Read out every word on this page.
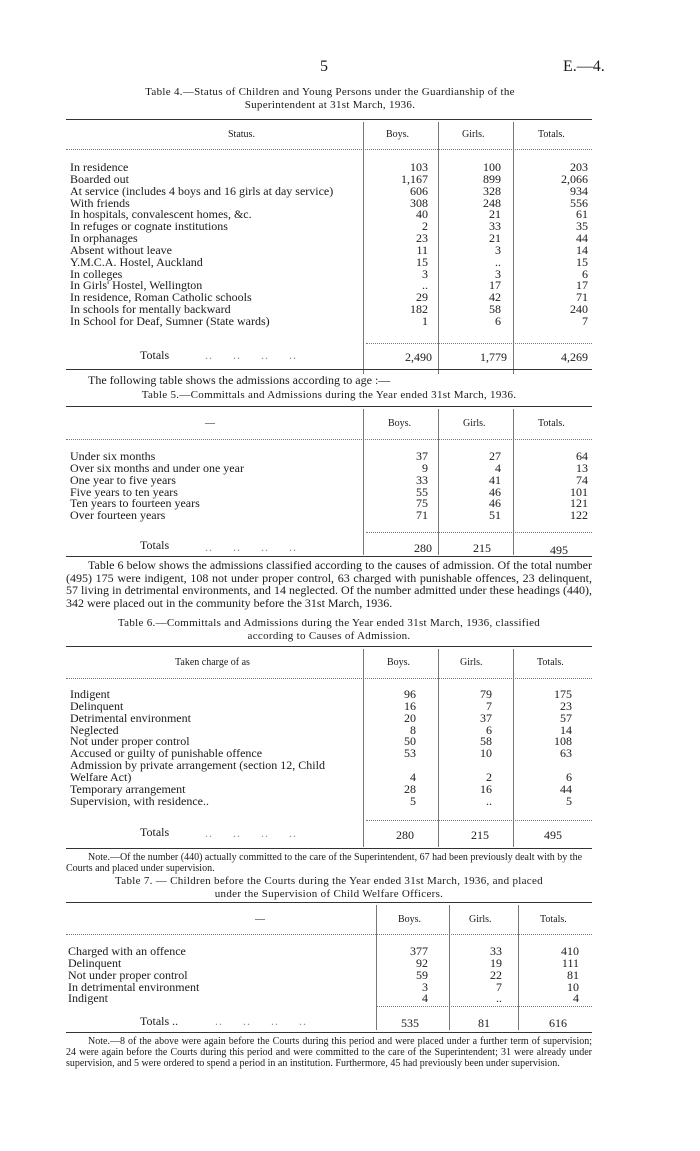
5	E.—4.
Table 4.—Status of Children and Young Persons under the Guardianship of the
Superintendent at 31st March, 1936.
Status.	Boys.	Girls.	Totals.
In residence	103	100	203
Boarded out	1,167	899	2,066
At service (includes 4 boys and 16 girls at day service)	606	328	934
With friends	308	248	556
In hospitals, convalescent homes, &c.	40	21	61
In refuges or cognate institutions	2	33	35
In orphanages	23	21	44
Absent without leave	11	3	14
Y.M.C.A. Hostel, Auckland	15	..	15
In colleges	3	3	6
In Girls' Hostel, Wellington	..	17	17
In residence, Roman Catholic schools	29	42	71
In schools for mentally backward	182	58	240
In School for Deaf, Sumner (State wards)	1	6	7
Totals	..     ..     ..     ..	2,490	1,779	4,269
The following table shows the admissions according to age :—
Table 5.—Committals and Admissions during the Year ended 31st March, 1936.
—	Boys.	Girls.	Totals.
Under six months	37	27	64
Over six months and under one year	9	4	13
One year to five years	33	41	74
Five years to ten years	55	46	101
Ten years to fourteen years	75	46	121
Over fourteen years	71	51	122
Totals	..     ..     ..     ..	280	215	495
Table 6 below shows the admissions classified according to the causes of admission. Of the total number (495) 175 were indigent, 108 not under proper control, 63 charged with punishable offences, 23 delinquent, 57 living in detrimental environments, and 14 neglected. Of the number admitted under these headings (440), 342 were placed out in the community before the 31st March, 1936.
Table 6.—Committals and Admissions during the Year ended 31st March, 1936, classified
according to Causes of Admission.
Taken charge of as	Boys.	Girls.	Totals.
Indigent	96	79	175
Delinquent	16	7	23
Detrimental environment	20	37	57
Neglected	8	6	14
Not under proper control	50	58	108
Accused or guilty of punishable offence	53	10	63
Admission by private arrangement (section 12, Child			
Welfare Act)	4	2	6
Temporary arrangement	28	16	44
Supervision, with residence..	5	..	5
Totals	..     ..     ..     ..	280	215	495
Note.—Of the number (440) actually committed to the care of the Superintendent, 67 had been previously dealt with by the Courts and placed under supervision.
Table 7. — Children before the Courts during the Year ended 31st March, 1936, and placed
under the Supervision of Child Welfare Officers.
—	Boys.	Girls.	Totals.
Charged with an offence	377	33	410
Delinquent	92	19	111
Not under proper control	59	22	81
In detrimental environment	3	7	10
Indigent	4	..	4
Totals ..	..     ..     ..     ..	535	81	616
Note.—8 of the above were again before the Courts during this period and were placed under a further term of supervision; 24 were again before the Courts during this period and were committed to the care of the Superintendent; 31 were already under supervision, and 5 were ordered to spend a period in an institution. Furthermore, 45 had previously been under supervision.
